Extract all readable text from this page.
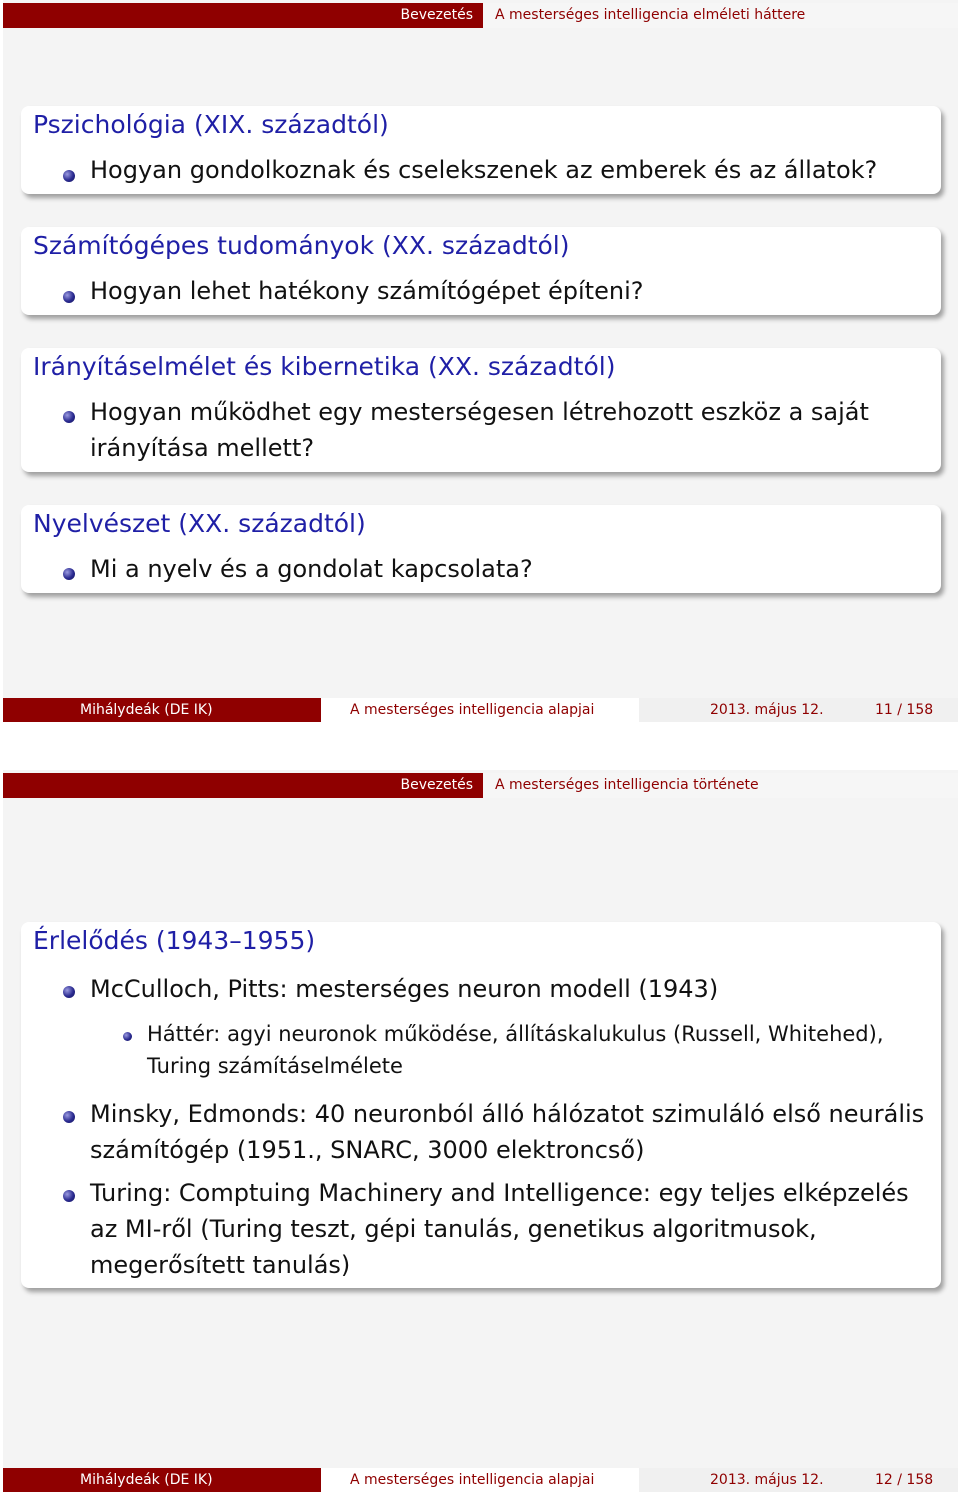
Bevezetés	A mesterséges intelligencia elméleti háttere
Pszichológia (XIX. századtól)
Hogyan gondolkoznak és cselekszenek az emberek és az állatok?
Számítógépes tudományok (XX. századtól)
Hogyan lehet hatékony számítógépet építeni?
Irányításelmélet és kibernetika (XX. századtól)
Hogyan működhet egy mesterségesen létrehozott eszköz a saját irányítása mellett?
Nyelvészet (XX. századtól)
Mi a nyelv és a gondolat kapcsolata?
Mihálydeák (DE IK)	A mesterséges intelligencia alapjai	2013. május 12.	11 / 158
Bevezetés	A mesterséges intelligencia története
Érlelődés (1943–1955)
McCulloch, Pitts: mesterséges neuron modell (1943)
Háttér: agyi neuronok működése, állításkalukulus (Russell, Whitehed), Turing számításelmélete
Minsky, Edmonds: 40 neuronból álló hálózatot szimuláló első neurális számítógép (1951., SNARC, 3000 elektroncső)
Turing: Comptuing Machinery and Intelligence: egy teljes elképzelés az MI-ről (Turing teszt, gépi tanulás, genetikus algoritmusok, megerősített tanulás)
Mihálydeák (DE IK)	A mesterséges intelligencia alapjai	2013. május 12.	12 / 158
